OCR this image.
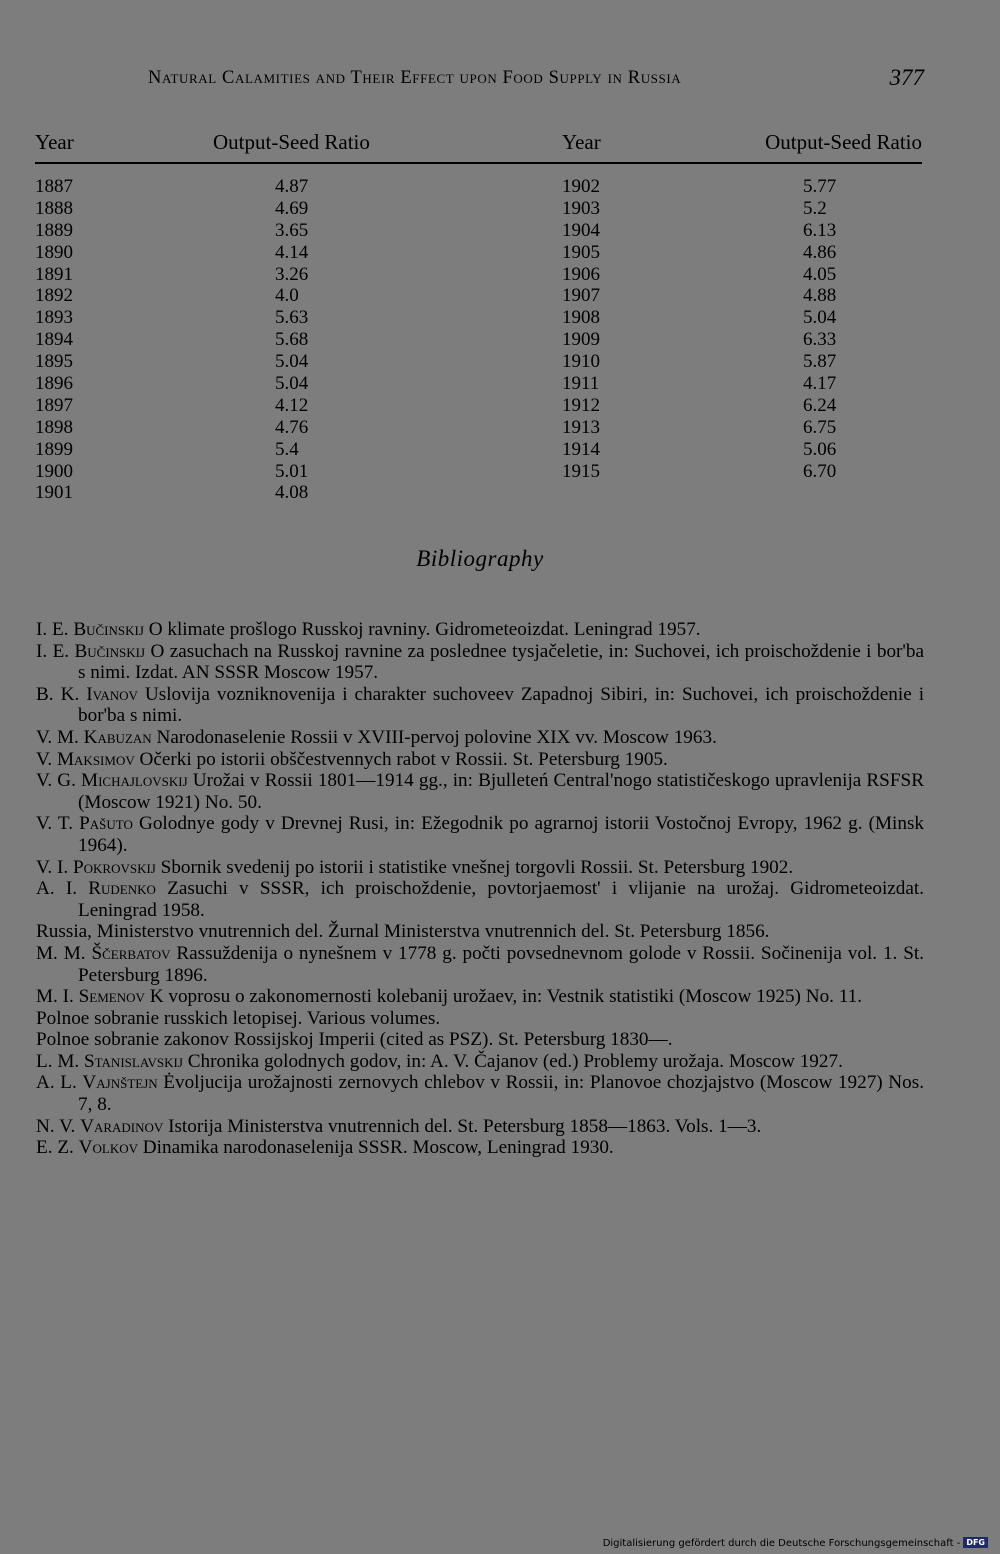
Natural Calamities and Their Effect upon Food Supply in Russia	377
Year	Output-Seed Ratio	Year	Output-Seed Ratio
1887	4.87	1902	5.77
1888	4.69	1903	5.2
1889	3.65	1904	6.13
1890	4.14	1905	4.86
1891	3.26	1906	4.05
1892	4.0	1907	4.88
1893	5.63	1908	5.04
1894	5.68	1909	6.33
1895	5.04	1910	5.87
1896	5.04	1911	4.17
1897	4.12	1912	6.24
1898	4.76	1913	6.75
1899	5.4	1914	5.06
1900	5.01	1915	6.70
1901	4.08
Bibliography
I. E. Bučinskij O klimate prošlogo Russkoj ravniny. Gidrometeoizdat. Leningrad 1957.
I. E. Bučinskij O zasuchach na Russkoj ravnine za poslednee tysjačeletie, in: Suchovei, ich proischoždenie i bor'ba s nimi. Izdat. AN SSSR Moscow 1957.
B. K. Ivanov Uslovija vozniknovenija i charakter suchoveev Zapadnoj Sibiri, in: Suchovei, ich proischoždenie i bor'ba s nimi.
V. M. Kabuzan Narodonaselenie Rossii v XVIII-pervoj polovine XIX vv. Moscow 1963.
V. Maksimov Očerki po istorii obščestvennych rabot v Rossii. St. Petersburg 1905.
V. G. Michajlovskij Urožai v Rossii 1801—1914 gg., in: Bjulleteń Central'nogo statističeskogo upravlenija RSFSR (Moscow 1921) No. 50.
V. T. Pašuto Golodnye gody v Drevnej Rusi, in: Ežegodnik po agrarnoj istorii Vostočnoj Evropy, 1962 g. (Minsk 1964).
V. I. Pokrovskij Sbornik svedenij po istorii i statistike vnešnej torgovli Rossii. St. Petersburg 1902.
A. I. Rudenko Zasuchi v SSSR, ich proischoždenie, povtorjaemost' i vlijanie na urožaj. Gidrometeoizdat. Leningrad 1958.
Russia, Ministerstvo vnutrennich del. Žurnal Ministerstva vnutrennich del. St. Petersburg 1856.
M. M. Ščerbatov Rassuždenija o nynešnem v 1778 g. počti povsednevnom golode v Rossii. Sočinenija vol. 1. St. Petersburg 1896.
M. I. Semenov K voprosu o zakonomernosti kolebanij urožaev, in: Vestnik statistiki (Moscow 1925) No. 11.
Polnoe sobranie russkich letopisej. Various volumes.
Polnoe sobranie zakonov Rossijskoj Imperii (cited as PSZ). St. Petersburg 1830—.
L. M. Stanislavskij Chronika golodnych godov, in: A. V. Čajanov (ed.) Problemy urožaja. Moscow 1927.
A. L. Vajnštejn Ėvoljucija urožajnosti zernovych chlebov v Rossii, in: Planovoe chozjajstvo (Moscow 1927) Nos. 7, 8.
N. V. Varadinov Istorija Ministerstva vnutrennich del. St. Petersburg 1858—1863. Vols. 1—3.
E. Z. Volkov Dinamika narodonaselenija SSSR. Moscow, Leningrad 1930.
Digitalisierung gefördert durch die Deutsche Forschungsgemeinschaft - DFG
